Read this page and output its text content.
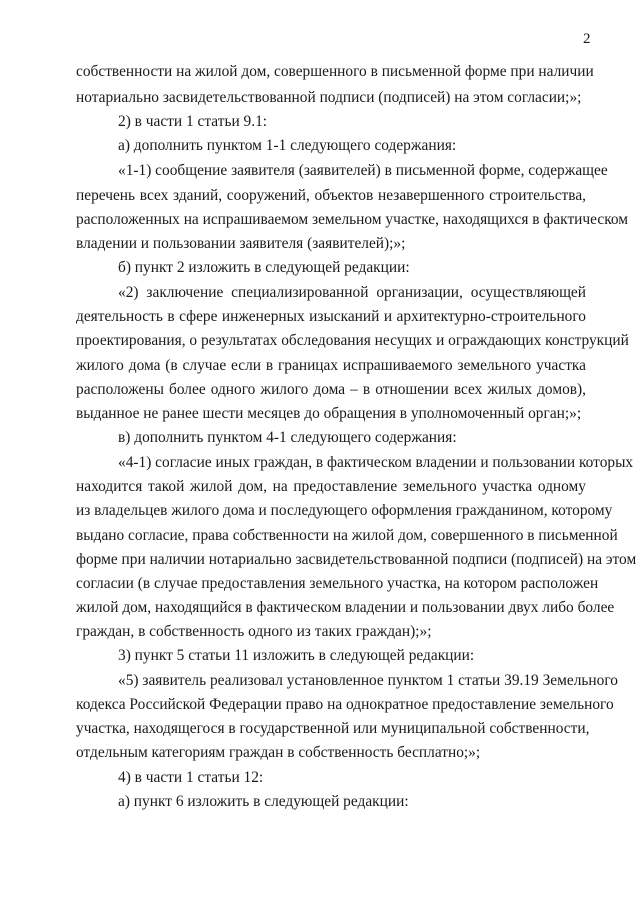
2
собственности на жилой дом, совершенного в письменной форме при наличии
нотариально засвидетельствованной подписи (подписей) на этом согласии;»;
2) в части 1 статьи 9.1:
а) дополнить пунктом 1-1 следующего содержания:
«1-1) сообщение заявителя (заявителей) в письменной форме, содержащее
перечень всех зданий, сооружений, объектов незавершенного строительства,
расположенных на испрашиваемом земельном участке, находящихся в фактическом
владении и пользовании заявителя (заявителей);»;
б) пункт 2 изложить в следующей редакции:
«2) заключение специализированной организации, осуществляющей
деятельность в сфере инженерных изысканий и архитектурно-строительного
проектирования, о результатах обследования несущих и ограждающих конструкций
жилого дома (в случае если в границах испрашиваемого земельного участка
расположены более одного жилого дома – в отношении всех жилых домов),
выданное не ранее шести месяцев до обращения в уполномоченный орган;»;
в) дополнить пунктом 4-1 следующего содержания:
«4-1) согласие иных граждан, в фактическом владении и пользовании которых
находится такой жилой дом, на предоставление земельного участка одному
из владельцев жилого дома и последующего оформления гражданином, которому
выдано согласие, права собственности на жилой дом, совершенного в письменной
форме при наличии нотариально засвидетельствованной подписи (подписей) на этом
согласии (в случае предоставления земельного участка, на котором расположен
жилой дом, находящийся в фактическом владении и пользовании двух либо более
граждан, в собственность одного из таких граждан);»;
3) пункт 5 статьи 11 изложить в следующей редакции:
«5) заявитель реализовал установленное пунктом 1 статьи 39.19 Земельного
кодекса Российской Федерации право на однократное предоставление земельного
участка, находящегося в государственной или муниципальной собственности,
отдельным категориям граждан в собственность бесплатно;»;
4) в части 1 статьи 12:
а) пункт 6 изложить в следующей редакции:
